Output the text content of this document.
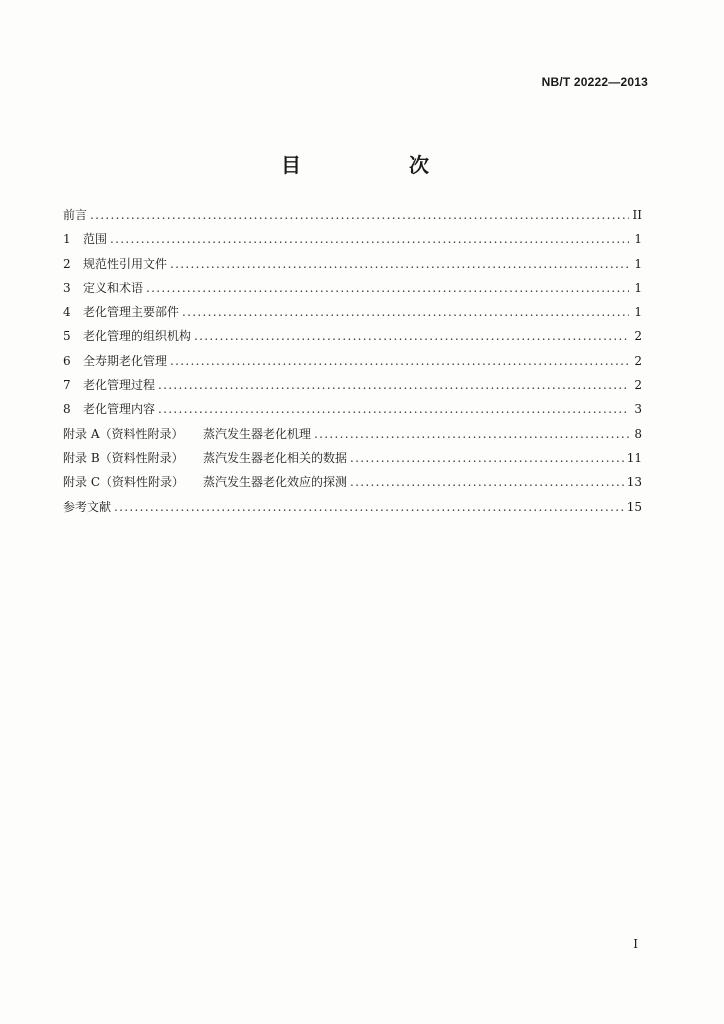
NB/T 20222—2013
目　次
前言 .....	II
1 范围 .....	1
2 规范性引用文件 .....	1
3 定义和术语 .....	1
4 老化管理主要部件 .....	1
5 老化管理的组织机构 .....	2
6 全寿期老化管理 .....	2
7 老化管理过程 .....	2
8 老化管理内容 .....	3
附录 A（资料性附录） 蒸汽发生器老化机理 .....	8
附录 B（资料性附录） 蒸汽发生器老化相关的数据 .....	11
附录 C（资料性附录） 蒸汽发生器老化效应的探测 .....	13
参考文献 .....	15
I
